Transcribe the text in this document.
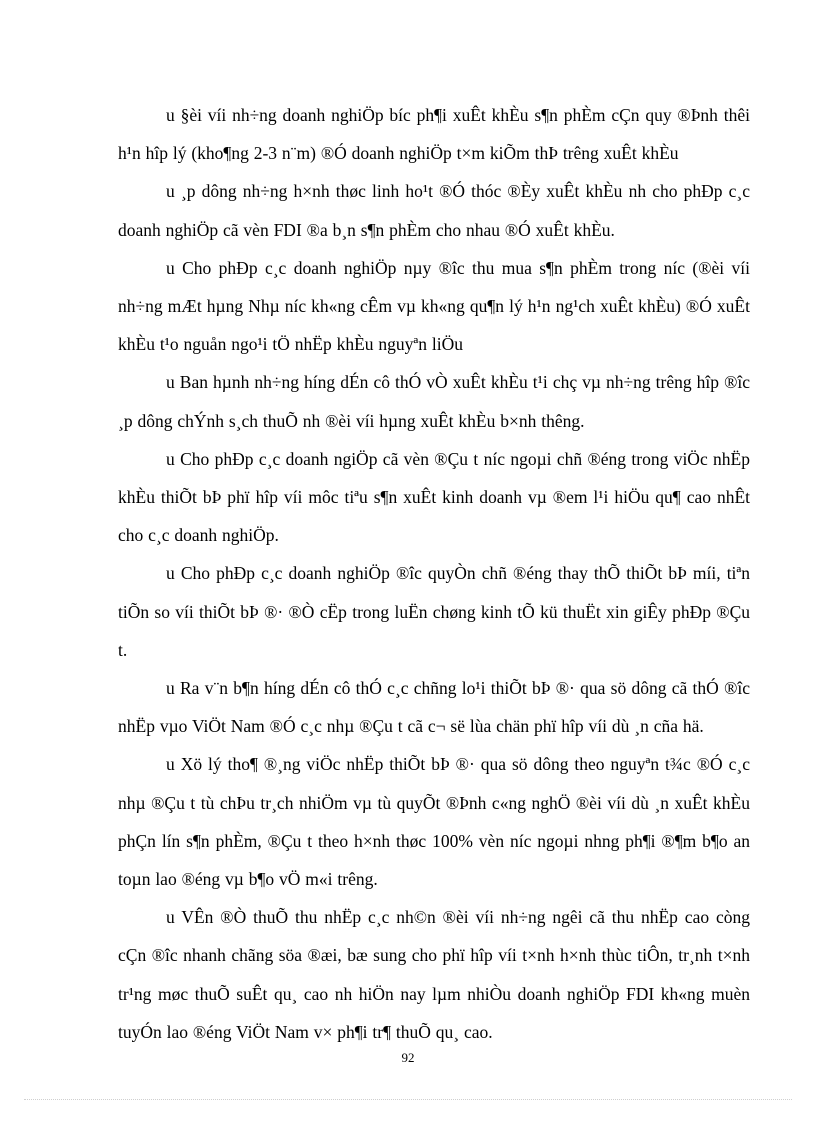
u §èi víi nh÷ng doanh nghiÖp bíc ph¶i xuÊt khÈu s¶n phÈm cÇn quy ®Þnh thêi h¹n hîp lý (kho¶ng 2-3 n¨m) ®Ó doanh nghiÖp t×m kiÕm thÞ trêng xuÊt khÈu

u ¸p dông nh÷ng h×nh thøc linh ho¹t ®Ó thóc ®Èy xuÊt khÈu nh cho phÐp c¸c doanh nghiÖp cã vèn FDI ®a b¸n s¶n phÈm cho nhau ®Ó xuÊt khÈu.

u Cho phÐp c¸c doanh nghiÖp nµy ®îc thu mua s¶n phÈm trong níc (®èi víi nh÷ng mÆt hµng Nhµ níc kh«ng cÊm vµ kh«ng qu¶n lý h¹n ng¹ch xuÊt khÈu) ®Ó xuÊt khÈu t¹o nguån ngo¹i tÖ nhËp khÈu nguyªn liÖu

u Ban hµnh nh÷ng híng dÉn cô thÓ vÒ xuÊt khÈu t¹i chç vµ nh÷ng trêng hîp ®îc ¸p dông chÝnh s¸ch thuÕ nh ®èi víi hµng xuÊt khÈu b×nh thêng.

u Cho phÐp c¸c doanh ngiÖp cã vèn ®Çu t níc ngoµi chñ ®éng trong viÖc nhËp khÈu thiÕt bÞ phï hîp víi môc tiªu s¶n xuÊt kinh doanh vµ ®em l¹i hiÖu qu¶ cao nhÊt cho c¸c doanh nghiÖp.

u Cho phÐp c¸c doanh nghiÖp ®îc quyÒn chñ ®éng thay thÕ thiÕt bÞ míi, tiªn tiÕn so víi thiÕt bÞ ®· ®Ò cËp trong luËn chøng kinh tÕ kü thuËt xin giÊy phÐp ®Çu t.

u Ra v¨n b¶n híng dÉn cô thÓ c¸c chñng lo¹i thiÕt bÞ ®· qua sö dông cã thÓ ®îc nhËp vµo ViÖt Nam ®Ó c¸c nhµ ®Çu t cã c¬ së lùa chän phï hîp víi dù ¸n cña hä.

u Xö lý tho¶ ®¸ng viÖc nhËp thiÕt bÞ ®· qua sö dông theo nguyªn t¾c ®Ó c¸c nhµ ®Çu t tù chÞu tr¸ch nhiÖm vµ tù quyÕt ®Þnh c«ng nghÖ ®èi víi dù ¸n xuÊt khÈu phÇn lín s¶n phÈm, ®Çu t theo h×nh thøc 100% vèn níc ngoµi nhng ph¶i ®¶m b¶o an toµn lao ®éng vµ b¶o vÖ m«i trêng.

u VÊn ®Ò thuÕ thu nhËp c¸c nh©n ®èi víi nh÷ng ngêi cã thu nhËp cao còng cÇn ®îc nhanh chãng söa ®æi, bæ sung cho phï hîp víi t×nh h×nh thùc tiÔn, tr¸nh t×nh tr¹ng møc thuÕ suÊt qu¸ cao nh hiÖn nay lµm nhiÒu doanh nghiÖp FDI kh«ng muèn tuyÓn lao ®éng ViÖt Nam v× ph¶i tr¶ thuÕ qu¸ cao.

92
